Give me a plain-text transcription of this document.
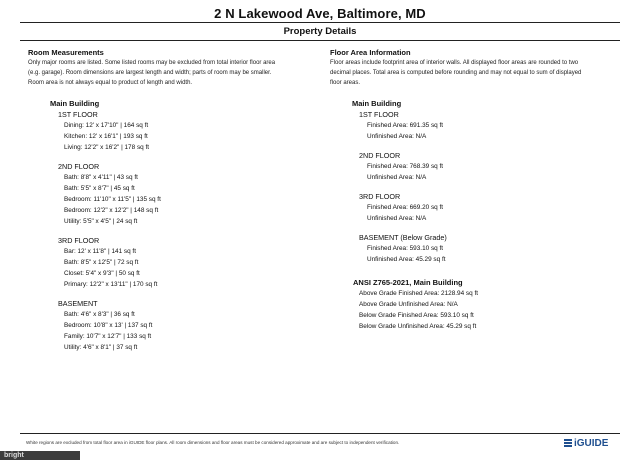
2 N Lakewood Ave, Baltimore, MD
Property Details

Room Measurements

Only major rooms are listed. Some listed rooms may be excluded from total interior floor area

(e.g. garage). Room dimensions are largest length and width; parts of room may be smaller.

Room area is not always equal to product of length and width.

Main Building

1ST FLOOR

Dining: 12' x 17'10" | 164 sq ft

Kitchen: 12' x 16'1" | 193 sq ft

Living: 12'2" x 16'2" | 178 sq ft

2ND FLOOR

Bath: 8'8" x 4'11" | 43 sq ft

Bath: 5'5" x 8'7" | 45 sq ft

Bedroom: 11'10" x 11'5" | 135 sq ft

Bedroom: 12'2" x 12'2" | 148 sq ft

Utility: 5'5" x 4'5" | 24 sq ft

3RD FLOOR

Bar: 12' x 11'8" | 141 sq ft

Bath: 8'5" x 12'5" | 72 sq ft

Closet: 5'4" x 9'3" | 50 sq ft

Primary: 12'2" x 13'11" | 170 sq ft

BASEMENT

Bath: 4'6" x 8'3" | 36 sq ft

Bedroom: 10'8" x 13' | 137 sq ft

Family: 10'7" x 12'7" | 133 sq ft

Utility: 4'6" x 8'1" | 37 sq ft

Floor Area Information

Floor areas include footprint area of interior walls. All displayed floor areas are rounded to two

decimal places. Total area is computed before rounding and may not equal to sum of displayed

floor areas.

Main Building

1ST FLOOR

Finished Area: 691.35 sq ft

Unfinished Area: N/A

2ND FLOOR

Finished Area: 768.39 sq ft

Unfinished Area: N/A

3RD FLOOR

Finished Area: 669.20 sq ft

Unfinished Area: N/A

BASEMENT (Below Grade)

Finished Area: 593.10 sq ft

Unfinished Area: 45.29 sq ft

ANSI Z765-2021, Main Building

Above Grade Finished Area: 2128.94 sq ft

Above Grade Unfinished Area: N/A

Below Grade Finished Area: 593.10 sq ft

Below Grade Unfinished Area: 45.29 sq ft

White regions are excluded from total floor area in iGUIDE floor plans. All room dimensions and floor areas must be considered approximate and are subject to independent verification.	iGUIDE
bright
